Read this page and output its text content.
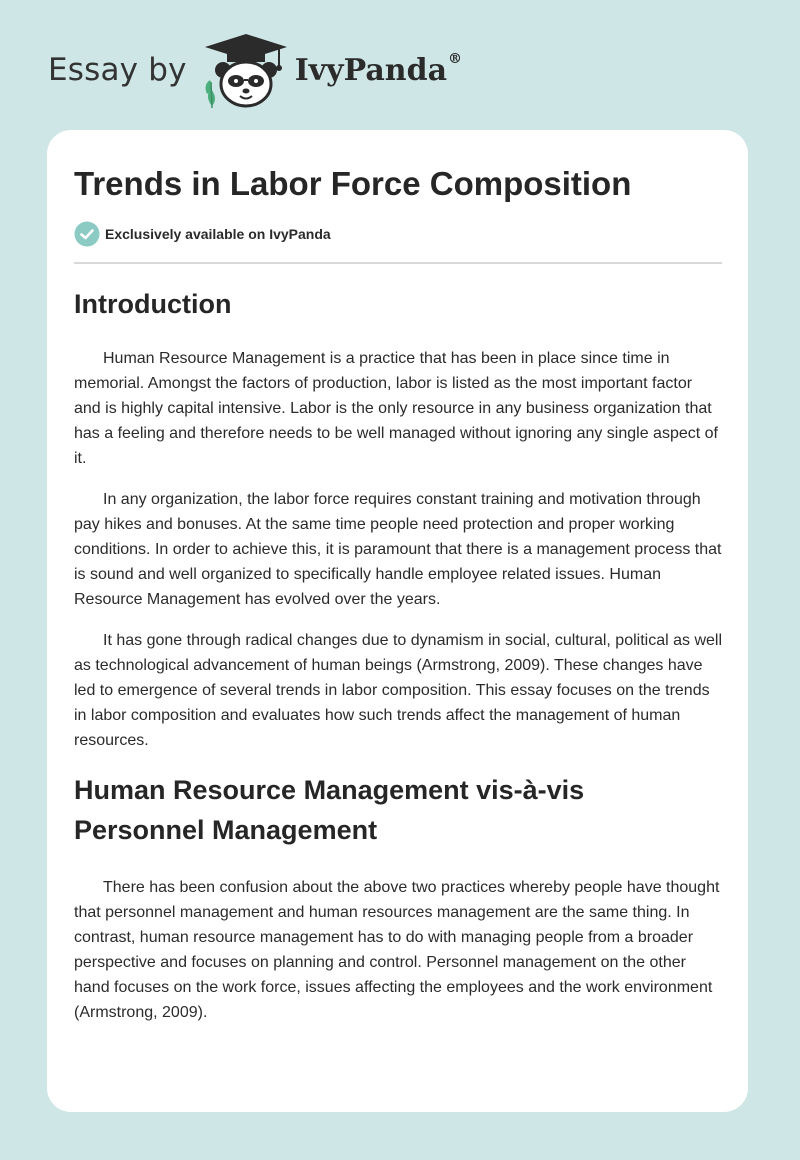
Essay by	IvyPanda®
Trends in Labor Force Composition
Exclusively available on IvyPanda
Introduction

Human Resource Management is a practice that has been in place since time in memorial. Amongst the factors of production, labor is listed as the most important factor and is highly capital intensive. Labor is the only resource in any business organization that has a feeling and therefore needs to be well managed without ignoring any single aspect of it.

In any organization, the labor force requires constant training and motivation through pay hikes and bonuses. At the same time people need protection and proper working conditions. In order to achieve this, it is paramount that there is a management process that is sound and well organized to specifically handle employee related issues. Human Resource Management has evolved over the years.

It has gone through radical changes due to dynamism in social, cultural, political as well as technological advancement of human beings (Armstrong, 2009). These changes have led to emergence of several trends in labor composition. This essay focuses on the trends in labor composition and evaluates how such trends affect the management of human resources.

Human Resource Management vis-à-vis Personnel Management

There has been confusion about the above two practices whereby people have thought that personnel management and human resources management are the same thing. In contrast, human resource management has to do with managing people from a broader perspective and focuses on planning and control. Personnel management on the other hand focuses on the work force, issues affecting the employees and the work environment (Armstrong, 2009).
